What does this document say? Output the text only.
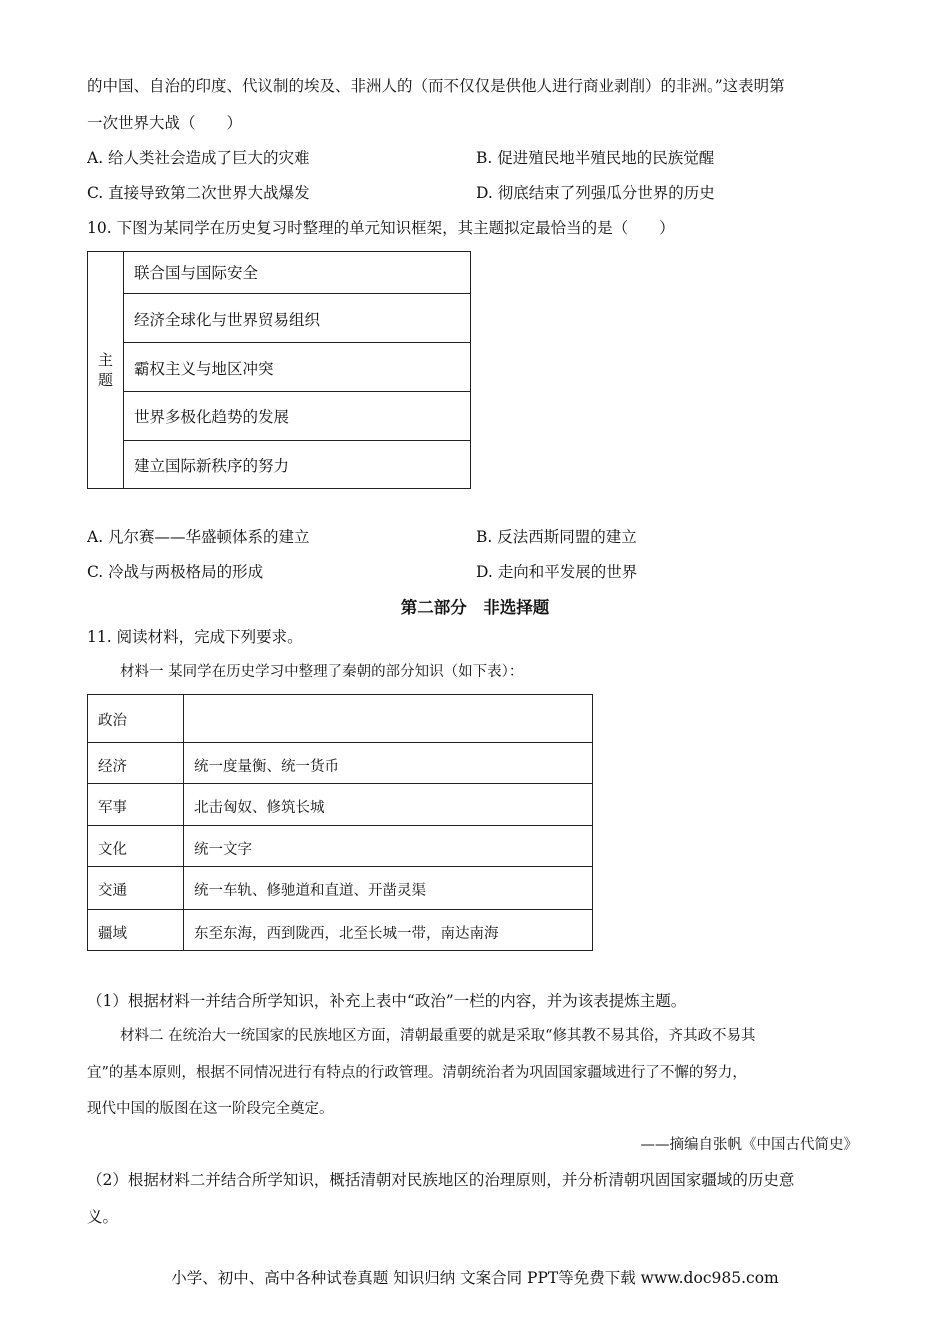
的中国、自治的印度、代议制的埃及、非洲人的（而不仅仅是供他人进行商业剥削）的非洲。”这表明第
一次世界大战（　　）
A. 给人类社会造成了巨大的灾难	B. 促进殖民地半殖民地的民族觉醒
C. 直接导致第二次世界大战爆发	D. 彻底结束了列强瓜分世界的历史
10. 下图为某同学在历史复习时整理的单元知识框架，其主题拟定最恰当的是（　　）
主题
联合国与国际安全
经济全球化与世界贸易组织
霸权主义与地区冲突
世界多极化趋势的发展
建立国际新秩序的努力
A. 凡尔赛——华盛顿体系的建立	B. 反法西斯同盟的建立
C. 冷战与两极格局的形成	D. 走向和平发展的世界
第二部分　非选择题
11. 阅读材料，完成下列要求。
材料一 某同学在历史学习中整理了秦朝的部分知识（如下表）：
政治
经济	统一度量衡、统一货币
军事	北击匈奴、修筑长城
文化	统一文字
交通	统一车轨、修驰道和直道、开凿灵渠
疆域	东至东海，西到陇西，北至长城一带，南达南海
（1）根据材料一并结合所学知识，补充上表中“政治”一栏的内容，并为该表提炼主题。
材料二 在统治大一统国家的民族地区方面，清朝最重要的就是采取“修其教不易其俗，齐其政不易其
宜”的基本原则，根据不同情况进行有特点的行政管理。清朝统治者为巩固国家疆域进行了不懈的努力，
现代中国的版图在这一阶段完全奠定。
——摘编自张帆《中国古代简史》
（2）根据材料二并结合所学知识，概括清朝对民族地区的治理原则，并分析清朝巩固国家疆域的历史意
义。
小学、初中、高中各种试卷真题 知识归纳 文案合同 PPT等免费下载 www.doc985.com
